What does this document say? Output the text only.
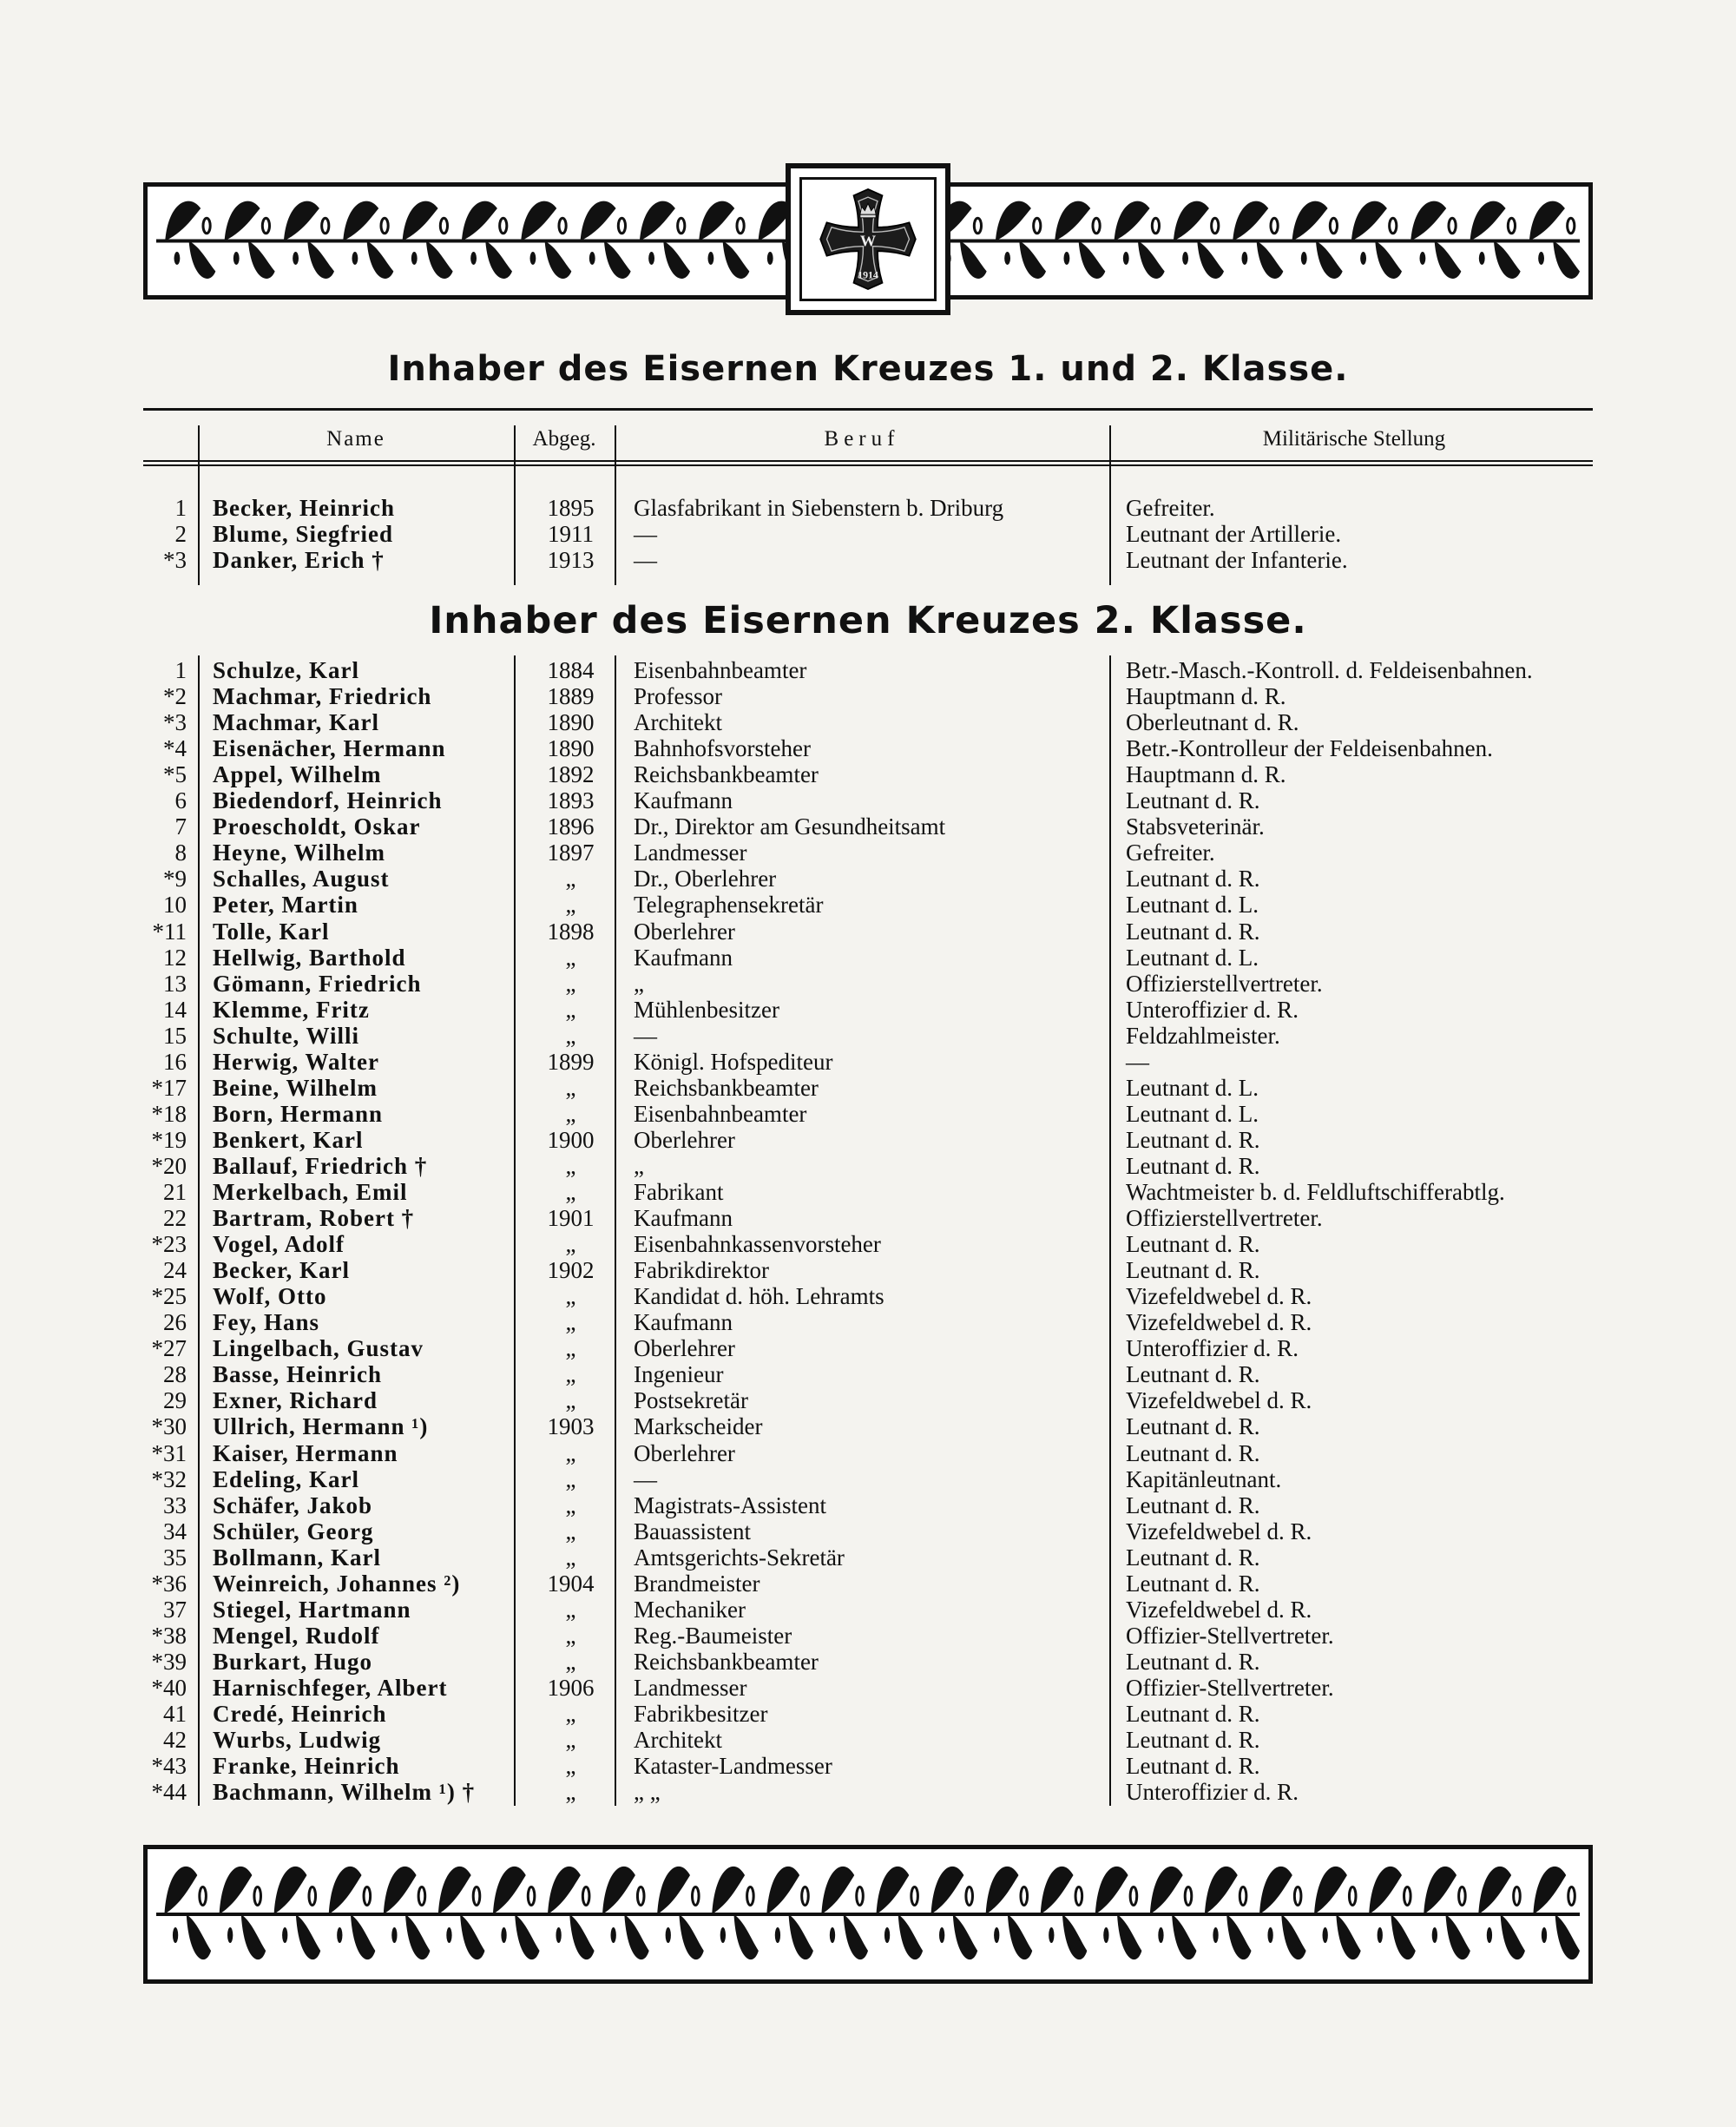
W
1914
Inhaber des Eisernen Kreuzes 1. und 2. Klasse.
Name	Abgeg.	Beruf	Militärische Stellung
1 Becker, Heinrich	1895	Glasfabrikant in Siebenstern b. Driburg	Gefreiter.
2 Blume, Siegfried	1911	—	Leutnant der Artillerie.
*3 Danker, Erich †	1913	—	Leutnant der Infanterie.
Inhaber des Eisernen Kreuzes 2. Klasse.
1 Schulze, Karl	1884	Eisenbahnbeamter	Betr.-Masch.-Kontroll. d. Feldeisenbahnen.
*2 Machmar, Friedrich	1889	Professor	Hauptmann d. R.
*3 Machmar, Karl	1890	Architekt	Oberleutnant d. R.
*4 Eisenächer, Hermann	1890	Bahnhofsvorsteher	Betr.-Kontrolleur der Feldeisenbahnen.
*5 Appel, Wilhelm	1892	Reichsbankbeamter	Hauptmann d. R.
6 Biedendorf, Heinrich	1893	Kaufmann	Leutnant d. R.
7 Proescholdt, Oskar	1896	Dr., Direktor am Gesundheitsamt	Stabsveterinär.
8 Heyne, Wilhelm	1897	Landmesser	Gefreiter.
*9 Schalles, August	„	Dr., Oberlehrer	Leutnant d. R.
10 Peter, Martin	„	Telegraphensekretär	Leutnant d. L.
*11 Tolle, Karl	1898	Oberlehrer	Leutnant d. R.
12 Hellwig, Barthold	„	Kaufmann	Leutnant d. L.
13 Gömann, Friedrich	„	„	Offizierstellvertreter.
14 Klemme, Fritz	„	Mühlenbesitzer	Unteroffizier d. R.
15 Schulte, Willi	„	—	Feldzahlmeister.
16 Herwig, Walter	1899	Königl. Hofspediteur	—
*17 Beine, Wilhelm	„	Reichsbankbeamter	Leutnant d. L.
*18 Born, Hermann	„	Eisenbahnbeamter	Leutnant d. L.
*19 Benkert, Karl	1900	Oberlehrer	Leutnant d. R.
*20 Ballauf, Friedrich †	„	„	Leutnant d. R.
21 Merkelbach, Emil	„	Fabrikant	Wachtmeister b. d. Feldluftschifferabtlg.
22 Bartram, Robert †	1901	Kaufmann	Offizierstellvertreter.
*23 Vogel, Adolf	„	Eisenbahnkassenvorsteher	Leutnant d. R.
24 Becker, Karl	1902	Fabrikdirektor	Leutnant d. R.
*25 Wolf, Otto	„	Kandidat d. höh. Lehramts	Vizefeldwebel d. R.
26 Fey, Hans	„	Kaufmann	Vizefeldwebel d. R.
*27 Lingelbach, Gustav	„	Oberlehrer	Unteroffizier d. R.
28 Basse, Heinrich	„	Ingenieur	Leutnant d. R.
29 Exner, Richard	„	Postsekretär	Vizefeldwebel d. R.
*30 Ullrich, Hermann ¹)	1903	Markscheider	Leutnant d. R.
*31 Kaiser, Hermann	„	Oberlehrer	Leutnant d. R.
*32 Edeling, Karl	„	—	Kapitänleutnant.
33 Schäfer, Jakob	„	Magistrats-Assistent	Leutnant d. R.
34 Schüler, Georg	„	Bauassistent	Vizefeldwebel d. R.
35 Bollmann, Karl	„	Amtsgerichts-Sekretär	Leutnant d. R.
*36 Weinreich, Johannes ²)	1904	Brandmeister	Leutnant d. R.
37 Stiegel, Hartmann	„	Mechaniker	Vizefeldwebel d. R.
*38 Mengel, Rudolf	„	Reg.-Baumeister	Offizier-Stellvertreter.
*39 Burkart, Hugo	„	Reichsbankbeamter	Leutnant d. R.
*40 Harnischfeger, Albert	1906	Landmesser	Offizier-Stellvertreter.
41 Credé, Heinrich	„	Fabrikbesitzer	Leutnant d. R.
42 Wurbs, Ludwig	„	Architekt	Leutnant d. R.
*43 Franke, Heinrich	„	Kataster-Landmesser	Leutnant d. R.
*44 Bachmann, Wilhelm ¹) †	„	„ „	Unteroffizier d. R.
